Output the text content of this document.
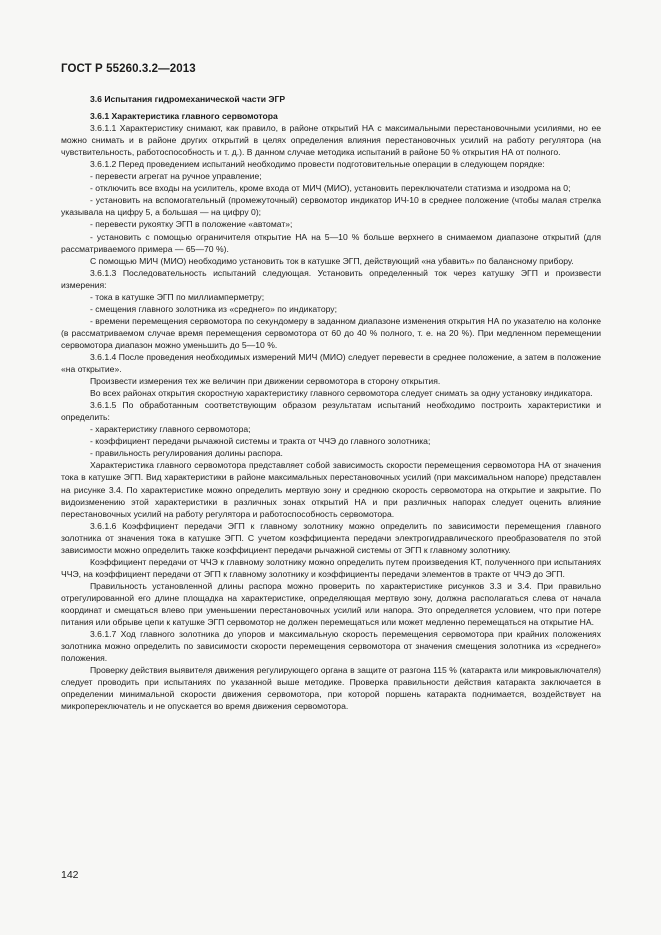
ГОСТ Р 55260.3.2—2013

3.6 Испытания гидромеханической части ЭГР

3.6.1 Характеристика главного сервомотора

3.6.1.1 Характеристику снимают, как правило, в районе открытий НА с максимальными перестановочными усилиями, но ее можно снимать и в районе других открытий в целях определения влияния перестановочных усилий на работу регулятора (на чувствительность, работоспособность и т. д.). В данном случае методика испытаний в районе 50 % открытия НА от полного.

3.6.1.2 Перед проведением испытаний необходимо провести подготовительные операции в следующем порядке:

- перевести агрегат на ручное управление;

- отключить все входы на усилитель, кроме входа от МИЧ (МИО), установить переключатели статизма и изодрома на 0;

- установить на вспомогательный (промежуточный) сервомотор индикатор ИЧ-10 в среднее положение (чтобы малая стрелка указывала на цифру 5, а большая — на цифру 0);

- перевести рукоятку ЭГП в положение «автомат»;

- установить с помощью ограничителя открытие НА на 5—10 % больше верхнего в снимаемом диапазоне открытий (для рассматриваемого примера — 65—70 %).

С помощью МИЧ (МИО) необходимо установить ток в катушке ЭГП, действующий «на убавить» по балансному прибору.

3.6.1.3 Последовательность испытаний следующая. Установить определенный ток через катушку ЭГП и произвести измерения:

- тока в катушке ЭГП по миллиамперметру;

- смещения главного золотника из «среднего» по индикатору;

- времени перемещения сервомотора по секундомеру в заданном диапазоне изменения открытия НА по указателю на колонке (в рассматриваемом случае время перемещения сервомотора от 60 до 40 % полного, т. е. на 20 %). При медленном перемещении сервомотора диапазон можно уменьшить до 5—10 %.

3.6.1.4 После проведения необходимых измерений МИЧ (МИО) следует перевести в среднее положение, а затем в положение «на открытие».

Произвести измерения тех же величин при движении сервомотора в сторону открытия.

Во всех районах открытия скоростную характеристику главного сервомотора следует снимать за одну установку индикатора.

3.6.1.5 По обработанным соответствующим образом результатам испытаний необходимо построить характеристики и определить:

- характеристику главного сервомотора;

- коэффициент передачи рычажной системы и тракта от ЧЧЭ до главного золотника;

- правильность регулирования долины распора.

Характеристика главного сервомотора представляет собой зависимость скорости перемещения сервомотора НА от значения тока в катушке ЭГП. Вид характеристики в районе максимальных перестановочных усилий (при максимальном напоре) представлен на рисунке 3.4. По характеристике можно определить мертвую зону и среднюю скорость сервомотора на открытие и закрытие. По видоизменению этой характеристики в различных зонах открытий НА и при различных напорах следует оценить влияние перестановочных усилий на работу регулятора и работоспособность сервомотора.

3.6.1.6 Коэффициент передачи ЭГП к главному золотнику можно определить по зависимости перемещения главного золотника от значения тока в катушке ЭГП. С учетом коэффициента передачи электрогидравлического преобразователя по этой зависимости можно определить также коэффициент передачи рычажной системы от ЭГП к главному золотнику.

Коэффициент передачи от ЧЧЭ к главному золотнику можно определить путем произведения КТ, полученного при испытаниях ЧЧЭ, на коэффициент передачи от ЭГП к главному золотнику и коэффициенты передачи элементов в тракте от ЧЧЭ до ЭГП.

Правильность установленной длины распора можно проверить по характеристике рисунков 3.3 и 3.4. При правильно отрегулированной его длине площадка на характеристике, определяющая мертвую зону, должна располагаться слева от начала координат и смещаться влево при уменьшении перестановочных усилий или напора. Это определяется условием, что при потере питания или обрыве цепи к катушке ЭГП сервомотор не должен перемещаться или может медленно перемещаться на открытие НА.

3.6.1.7 Ход главного золотника до упоров и максимальную скорость перемещения сервомотора при крайних положениях золотника можно определить по зависимости скорости перемещения сервомотора от значения смещения золотника из «среднего» положения.

Проверку действия выявителя движения регулирующего органа в защите от разгона 115 % (катаракта или микровыключателя) следует проводить при испытаниях по указанной выше методике. Проверка правильности действия катаракта заключается в определении минимальной скорости движения сервомотора, при которой поршень катаракта поднимается, воздействует на микропереключатель и не опускается во время движения сервомотора.

142
